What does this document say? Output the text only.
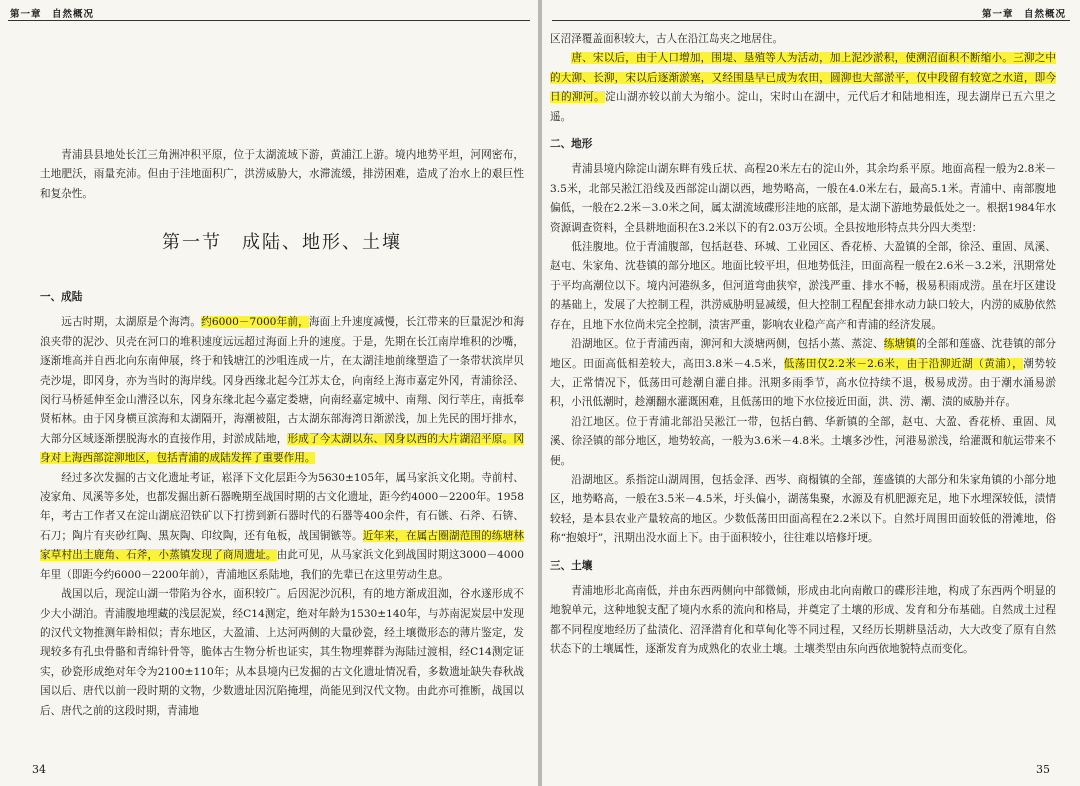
第一章　自然概况

青浦县县地处长江三角洲冲积平原，位于太湖流域下游，黄浦江上游。境内地势平坦，河网密布，土地肥沃，雨量充沛。但由于洼地面积广，洪涝威胁大，水滞流缓，排涝困难，造成了治水上的艰巨性和复杂性。

第一节　成陆、地形、土壤
一、成陆

远古时期，太湖原是个海湾。约6000－7000年前，海面上升速度减慢，长江带来的巨量泥沙和海浪夹带的泥沙、贝壳在河口的堆积速度远远超过海面上升的速度。于是，先期在长江南岸堆积的沙嘴，逐渐堆高并自西北向东南伸展，终于和钱塘江的沙咀连成一片，在太湖洼地前缘塑造了一条带状滨岸贝壳沙堤，即冈身，亦为当时的海岸线。冈身西缘北起今江苏太仓，向南经上海市嘉定外冈，青浦徐泾、闵行马桥延伸至金山漕泾以东，冈身东缘北起今嘉定娄塘，向南经嘉定城中、南翔、闵行莘庄，南抵奉贤柘林。由于冈身横亘滨海和太湖隔开，海潮被阻，古太湖东部海湾日渐淤浅，加上先民的围圩排水，大部分区域逐渐摆脱海水的直接作用，封淤成陆地，形成了今太湖以东、冈身以西的大片湖沼平原。冈身对上海西部淀泖地区，包括青浦的成陆发挥了重要作用。

经过多次发掘的古文化遗址考证，崧泽下文化层距今为5630±105年，属马家浜文化期。寺前村、凌家角、凤溪等多处，也都发掘出新石器晚期至战国时期的古文化遗址，距今约4000－2200年。1958年，考古工作者又在淀山湖底沼铁矿以下打捞到新石器时代的石器等400余件，有石镞、石斧、石锛、石刀；陶片有夹砂红陶、黑灰陶、印纹陶，还有龟板，战国铜镞等。近年来，在属古圈湖范围的练塘林家草村出土鹿角、石斧，小蒸镇发现了商周遗址。由此可见，从马家浜文化到战国时期这3000－4000年里（即距今约6000－2200年前），青浦地区系陆地，我们的先辈已在这里劳动生息。

战国以后，现淀山湖一带陷为谷水，面积较广。后因泥沙沉积，有的地方渐成沮洳，谷水遂形成不少大小湖泊。青浦腹地埋藏的浅层泥炭，经C14测定，绝对年龄为1530±140年，与苏南泥炭层中发现的汉代文物推测年龄相似；青东地区，大盈浦、上达河两侧的大量砂瓷，经土壤微形态的薄片鉴定，发现较多有孔虫骨骼和青绵针骨等，脆体古生物分析也证实，其生物埋葬群为海陆过渡相，经C14测定证实，砂瓷形成绝对年令为2100±110年；从本县境内已发掘的古文化遗址情况看，多数遗址缺失春秋战国以后、唐代以前一段时期的文物，少数遗址因沉陷掩埋，尚能见到汉代文物。由此亦可推断，战国以后、唐代之前的这段时期，青浦地

34
第一章　自然概况

区沼泽覆盖面积较大，古人在沿江岛夹之地居住。
唐、宋以后，由于人口增加，围堤、垦殖等人为活动，加上泥沙淤积，使溯沼面积不断缩小。三泖之中的大泖、长泖，宋以后逐渐淤塞，又经围垦早已成为农田，圆泖也大部淤平，仅中段留有较宽之水道，即今日的泖河。淀山湖亦较以前大为缩小。淀山，宋时山在湖中，元代后才和陆地相连，现去湖岸已五六里之遥。

二、地形

青浦县境内除淀山湖东畔有残丘状、高程20米左右的淀山外，其余均系平原。地面高程一般为2.8米－3.5米，北部吴淞江沿线及西部淀山湖以西，地势略高，一般在4.0米左右，最高5.1米。青浦中、南部腹地偏低，一般在2.2米－3.0米之间，属太湖流域碟形洼地的底部，是太湖下游地势最低处之一。根据1984年水资源调查资料，全县耕地面积在3.2米以下的有2.03万公顷。全县按地形特点共分四大类型：

低洼腹地。位于青浦腹部，包括赵巷、环城、工业园区、香花桥、大盈镇的全部，徐泾、重固、凤溪、赵屯、朱家角、沈巷镇的部分地区。地面比较平坦，但地势低洼，田面高程一般在2.6米－3.2米，汛期常处于平均高潮位以下。境内河港纵多，但河道弯曲狭窄，淤浅严重、排水不畅，极易积雨成涝。虽在圩区建设的基础上，发展了大控制工程，洪涝威胁明显减缓，但大控制工程配套排水动力缺口较大，内涝的威胁依然存在，且地下水位尚未完全控制，渍害严重，影响农业稳产高产和青浦的经济发展。

沿湖地区。位于青浦西南，泖河和大淡塘两侧，包括小蒸、蒸淀、练塘镇的全部和莲盛、沈巷镇的部分地区。田面高低相差较大，高田3.8米－4.5米，低荡田仅2.2米－2.6米，由于沿泖近湖（黄浦），潮势较大，正常情况下，低荡田可趁潮自灌自排。汛期多雨季节，高水位持续不退，极易成涝。由于潮水涌易淤积，小汛低潮时，趁潮翻水灌溉困难，且低荡田的地下水位接近田面，洪、涝、潮、渍的威胁并存。

沿江地区。位于青浦北部沿吴淞江一带，包括白鹤、华新镇的全部，赵屯、大盈、香花桥、重固、凤溪、徐泾镇的部分地区，地势较高，一般为3.6米－4.8米。土壤多沙性，河港易淤浅，给灌溉和航运带来不便。

沿湖地区。系指淀山湖周围，包括金泽、西岑、商榻镇的全部，莲盛镇的大部分和朱家角镇的小部分地区，地势略高，一般在3.5米－4.5米，圩头偏小，湖荡集聚，水源及有机肥源充足，地下水埋深较低，渍情较轻，是本县农业产量较高的地区。少数低荡田田面高程在2.2米以下。自然圩周围田面较低的滑滩地，俗称“抱娘圩”，汛期出没水面上下。由于面积较小，往往难以培修圩埂。

三、土壤

青浦地形北高南低，并由东西两侧向中部微倾，形成由北向南敞口的碟形洼地，构成了东西两个明显的地貌单元，这种地貌支配了境内水系的流向和格局，并奠定了土壤的形成、发育和分布基础。自然成土过程都不同程度地经历了盐渍化、沼泽潜育化和草甸化等不同过程，又经历长期耕垦活动，大大改变了原有自然状态下的土壤属性，逐渐发育为成熟化的农业土壤。土壤类型由东向西依地貌特点而变化。

35
